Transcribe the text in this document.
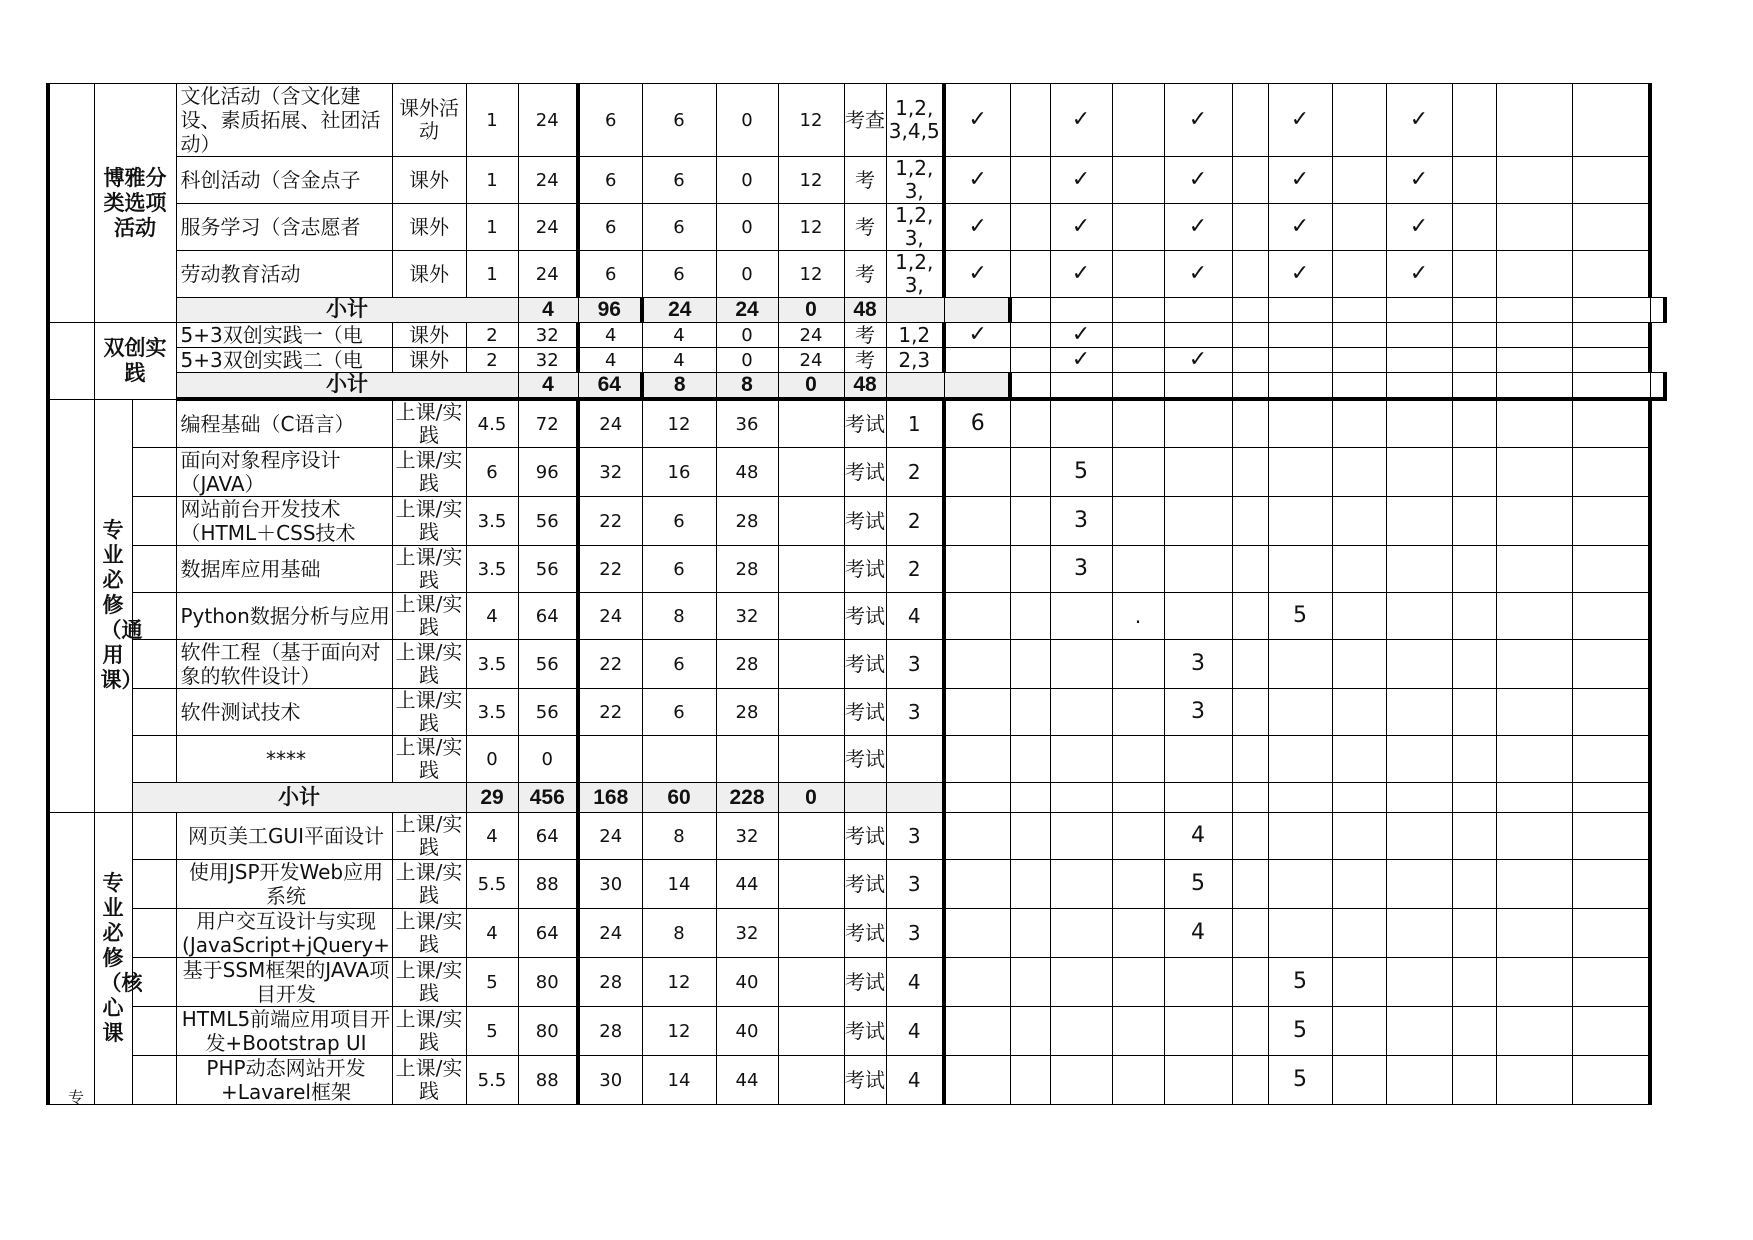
	博雅分类选项活动		文化活动（含文化建设、素质拓展、社团活动）	课外活动	1	24	6	6	0	12	考查	1,2,3,4,5	✓		✓		✓		✓		✓				
			科创活动（含金点子	课外	1	24	6	6	0	12	考	1,2,3,	✓		✓		✓		✓		✓				
			服务学习（含志愿者	课外	1	24	6	6	0	12	考	1,2,3,	✓		✓		✓		✓		✓				
			劳动教育活动	课外	1	24	6	6	0	12	考	1,2,3,	✓		✓		✓		✓		✓				
			小计			4	96	24	24	0	48														

	双创实践		5+3双创实践一（电	课外	2	32	4	4	0	24	考	1,2	✓		✓										
			5+3双创实践二（电	课外	2	32	4	4	0	24	考	2,3			✓		✓								
			小计			4	64	8	8	0	48														

	专业必修（通用课）		编程基础（C语言）	上课/实践	4.5	72	24	12	36		考试	1	6												
			面向对象程序设计（JAVA）	上课/实践	6	96	32	16	48		考试	2			5										
			网站前台开发技术（HTML＋CSS技术	上课/实践	3.5	56	22	6	28		考试	2			3										
			数据库应用基础	上课/实践	3.5	56	22	6	28		考试	2			3										
			Python数据分析与应用	上课/实践	4	64	24	8	32		考试	4				.			5						
			软件工程（基于面向对象的软件设计）	上课/实践	3.5	56	22	6	28		考试	3					3								
			软件测试技术	上课/实践	3.5	56	22	6	28		考试	3					3								
			****	上课/实践	0	0					考试														
		小计			29	456	168	60	228	0															

	专业必修（核心课		网页美工GUI平面设计	上课/实践	4	64	24	8	32		考试	3					4								
			使用JSP开发Web应用系统	上课/实践	5.5	88	30	14	44		考试	3					5								
			用户交互设计与实现(JavaScript+jQuery+	上课/实践	4	64	24	8	32		考试	3					4								
			基于SSM框架的JAVA项目开发	上课/实践	5	80	28	12	40		考试	4							5						
			HTML5前端应用项目开发+Bootstrap UI	上课/实践	5	80	28	12	40		考试	4							5						
			PHP动态网站开发+Lavarel框架	上课/实践	5.5	88	30	14	44		考试	4							5						
专
